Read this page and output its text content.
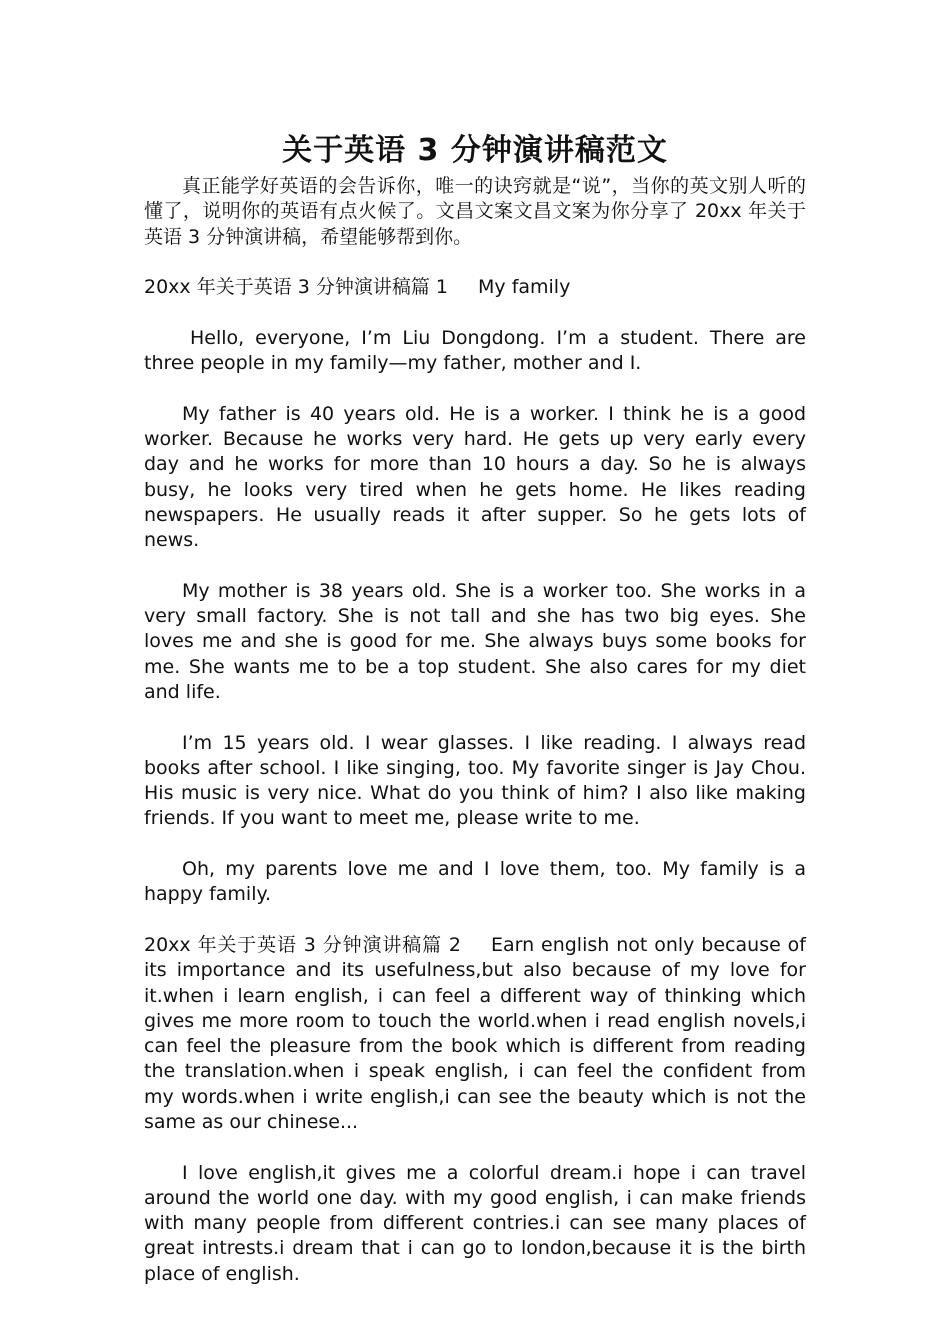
关于英语 3 分钟演讲稿范文

真正能学好英语的会告诉你，唯一的诀窍就是“说”，当你的英文别人听的懂了，说明你的英语有点火候了。文昌文案文昌文案为你分享了 20xx 年关于英语 3 分钟演讲稿，希望能够帮到你。

20xx 年关于英语 3 分钟演讲稿篇 1 My family

Hello, everyone, I’m Liu Dongdong. I’m a student. There are three people in my family—my father, mother and I.

My father is 40 years old. He is a worker. I think he is a good worker. Because he works very hard. He gets up very early every day and he works for more than 10 hours a day. So he is always busy, he looks very tired when he gets home. He likes reading newspapers. He usually reads it after supper. So he gets lots of news.

My mother is 38 years old. She is a worker too. She works in a very small factory. She is not tall and she has two big eyes. She loves me and she is good for me. She always buys some books for me. She wants me to be a top student. She also cares for my diet and life.

I’m 15 years old. I wear glasses. I like reading. I always read books after school. I like singing, too. My favorite singer is Jay Chou. His music is very nice. What do you think of him? I also like making friends. If you want to meet me, please write to me.

Oh, my parents love me and I love them, too. My family is a happy family.

20xx 年关于英语 3 分钟演讲稿篇 2 Earn english not only because of its importance and its usefulness,but also because of my love for it.when i learn english, i can feel a different way of thinking which gives me more room to touch the world.when i read english novels,i can feel the pleasure from the book which is different from reading the translation.when i speak english, i can feel the confident from my words.when i write english,i can see the beauty which is not the same as our chinese...

I love english,it gives me a colorful dream.i hope i can travel around the world one day. with my good english, i can make friends with many people from different contries.i can see many places of great intrests.i dream that i can go to london,because it is the birth place of english.
